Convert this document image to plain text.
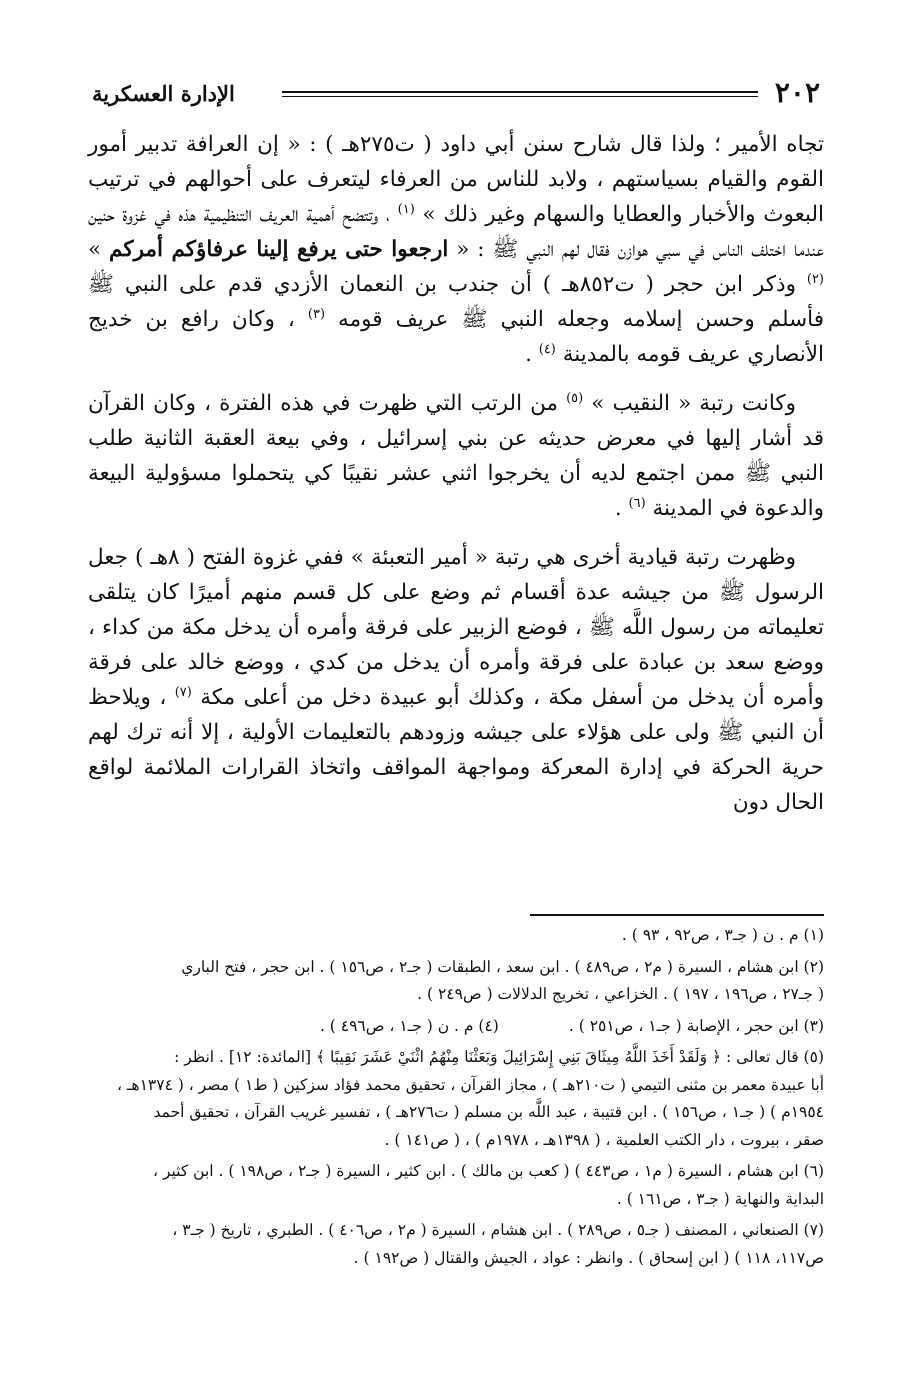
٢٠٢
الإدارة العسكرية

تجاه الأمير ؛ ولذا قال شارح سنن أبي داود ( ت٢٧٥هـ ) : « إن العرافة تدبير أمور القوم والقيام بسياستهم ، ولابد للناس من العرفاء ليتعرف على أحوالهم في ترتيب البعوث والأخبار والعطايا والسهام وغير ذلك » $^{(١)}$ ، وتتضح أهمية العريف التنظيمية هذه في غزوة حنين عندما اختلف الناس في سبي هوازن فقال لهم النبي ﷺ : « ارجعوا حتى يرفع إلينا عرفاؤكم أمركم » $^{(٢)}$ وذكر ابن حجر ( ت٨٥٢هـ ) أن جندب بن النعمان الأزدي قدم على النبي ﷺ فأسلم وحسن إسلامه وجعله النبي ﷺ عريف قومه $^{(٣)}$ ، وكان رافع بن خديج الأنصاري عريف قومه بالمدينة $^{(٤)}$ .

وكانت رتبة « النقيب » $^{(٥)}$ من الرتب التي ظهرت في هذه الفترة ، وكان القرآن قد أشار إليها في معرض حديثه عن بني إسرائيل ، وفي بيعة العقبة الثانية طلب النبي ﷺ ممن اجتمع لديه أن يخرجوا اثني عشر نقيبًا كي يتحملوا مسؤولية البيعة والدعوة في المدينة $^{(٦)}$ .

وظهرت رتبة قيادية أخرى هي رتبة « أمير التعبئة » ففي غزوة الفتح ( ٨هـ ) جعل الرسول ﷺ من جيشه عدة أقسام ثم وضع على كل قسم منهم أميرًا كان يتلقى تعليماته من رسول اللَّه ﷺ ، فوضع الزبير على فرقة وأمره أن يدخل مكة من كداء ، ووضع سعد بن عبادة على فرقة وأمره أن يدخل من كدي ، ووضع خالد على فرقة وأمره أن يدخل من أسفل مكة ، وكذلك أبو عبيدة دخل من أعلى مكة $^{(٧)}$ ، ويلاحظ أن النبي ﷺ ولى على هؤلاء على جيشه وزودهم بالتعليمات الأولية ، إلا أنه ترك لهم حرية الحركة في إدارة المعركة ومواجهة المواقف واتخاذ القرارات الملائمة لواقع الحال دون

(١) م . ن ( جـ٣ ، ص٩٢ ، ٩٣ ) .

(٢) ابن هشام ، السيرة ( م٢ ، ص٤٨٩ ) . ابن سعد ، الطبقات ( جـ٢ ، ص١٥٦ ) . ابن حجر ، فتح الباري

( جـ٢٧ ، ص١٩٦ ، ١٩٧ ) . الخزاعي ، تخريج الدلالات ( ص٢٤٩ ) .

(٣) ابن حجر ، الإصابة ( جـ١ ، ص٢٥١ ) .
(٤) م . ن ( جـ١ ، ص٤٩٦ ) .

(٥) قال تعالى : ﴿ وَلَقَدْ أَخَذَ اللَّهُ مِيثَاقَ بَنِي إِسْرَائِيلَ وَبَعَثْنَا مِنْهُمُ اثْنَيْ عَشَرَ نَقِيبًا ﴾ [المائدة: ١٢] . انظر :

أبا عبيدة معمر بن مثنى التيمي ( ت٢١٠هـ ) ، مجاز القرآن ، تحقيق محمد فؤاد سزكين ( ط١ ) مصر ، ( ١٣٧٤هـ ،

١٩٥٤م ) ( جـ١ ، ص١٥٦ ) . ابن قتيبة ، عبد اللَّه بن مسلم ( ت٢٧٦هـ ) ، تفسير غريب القرآن ، تحقيق أحمد

صقر ، بيروت ، دار الكتب العلمية ، ( ١٣٩٨هـ ، ١٩٧٨م ) ، ( ص١٤١ ) .

(٦) ابن هشام ، السيرة ( م١ ، ص٤٤٣ ) ( كعب بن مالك ) . ابن كثير ، السيرة ( جـ٢ ، ص١٩٨ ) . ابن كثير ،

البداية والنهاية ( جـ٣ ، ص١٦١ ) .

(٧) الصنعاني ، المصنف ( جـ٥ ، ص٢٨٩ ) . ابن هشام ، السيرة ( م٢ ، ص٤٠٦ ) . الطبري ، تاريخ ( جـ٣ ،

ص١١٧، ١١٨ ) ( ابن إسحاق ) . وانظر : عواد ، الجيش والقتال ( ص١٩٢ ) .
